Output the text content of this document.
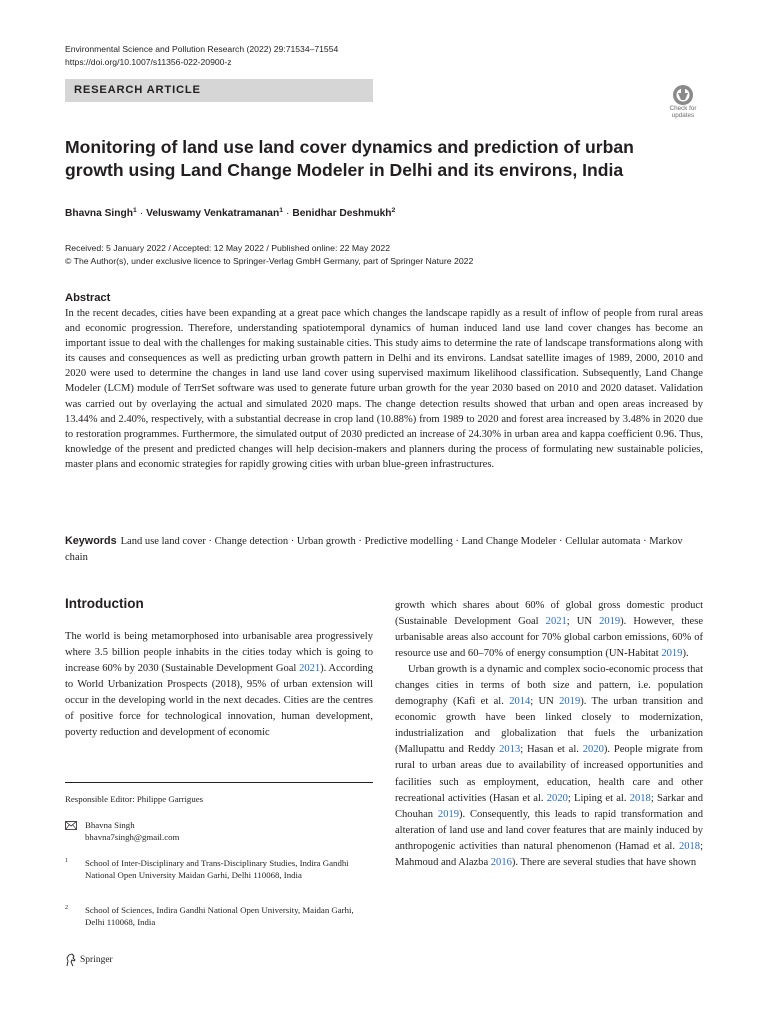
Environmental Science and Pollution Research (2022) 29:71534–71554
https://doi.org/10.1007/s11356-022-20900-z
RESEARCH ARTICLE
Check for
updates
Monitoring of land use land cover dynamics and prediction of urban growth using Land Change Modeler in Delhi and its environs, India
Bhavna Singh$^1$ · Veluswamy Venkatramanan$^1$ · Benidhar Deshmukh$^2$
Received: 5 January 2022 / Accepted: 12 May 2022 / Published online: 22 May 2022
© The Author(s), under exclusive licence to Springer-Verlag GmbH Germany, part of Springer Nature 2022
Abstract

In the recent decades, cities have been expanding at a great pace which changes the landscape rapidly as a result of inflow of people from rural areas and economic progression. Therefore, understanding spatiotemporal dynamics of human induced land use land cover changes has become an important issue to deal with the challenges for making sustainable cities. This study aims to determine the rate of landscape transformations along with its causes and consequences as well as predicting urban growth pattern in Delhi and its environs. Landsat satellite images of 1989, 2000, 2010 and 2020 were used to determine the changes in land use land cover using supervised maximum likelihood classification. Subsequently, Land Change Modeler (LCM) module of TerrSet software was used to generate future urban growth for the year 2030 based on 2010 and 2020 dataset. Validation was carried out by overlaying the actual and simulated 2020 maps. The change detection results showed that urban and open areas increased by 13.44% and 2.40%, respectively, with a substantial decrease in crop land (10.88%) from 1989 to 2020 and forest area increased by 3.48% in 2020 due to restoration programmes. Furthermore, the simulated output of 2030 predicted an increase of 24.30% in urban area and kappa coefficient 0.96. Thus, knowledge of the present and predicted changes will help decision-makers and planners during the process of formulating new sustainable policies, master plans and economic strategies for rapidly growing cities with urban blue-green infrastructures.

Keywords Land use land cover · Change detection · Urban growth · Predictive modelling · Land Change Modeler · Cellular automata · Markov chain
Introduction

The world is being metamorphosed into urbanisable area progressively where 3.5 billion people inhabits in the cities today which is going to increase 60% by 2030 (Sustainable Development Goal 2021). According to World Urbanization Prospects (2018), 95% of urban extension will occur in the developing world in the next decades. Cities are the centres of positive force for technological innovation, human development, poverty reduction and development of economic

growth which shares about 60% of global gross domestic product (Sustainable Development Goal 2021; UN 2019). However, these urbanisable areas also account for 70% global carbon emissions, 60% of resource use and 60–70% of energy consumption (UN-Habitat 2019).

Urban growth is a dynamic and complex socio-economic process that changes cities in terms of both size and pattern, i.e. population demography (Kafi et al. 2014; UN 2019). The urban transition and economic growth have been linked closely to modernization, industrialization and globalization that fuels the urbanization (Mallupattu and Reddy 2013; Hasan et al. 2020). People migrate from rural to urban areas due to availability of increased opportunities and facilities such as employment, education, health care and other recreational activities (Hasan et al. 2020; Liping et al. 2018; Sarkar and Chouhan 2019). Consequently, this leads to rapid transformation and alteration of land use and land cover features that are mainly induced by anthropogenic activities than natural phenomenon (Hamad et al. 2018; Mahmoud and Alazba 2016). There are several studies that have shown

Responsible Editor: Philippe Garrigues
Bhavna Singh
bhavna7singh@gmail.com
1 School of Inter-Disciplinary and Trans-Disciplinary Studies, Indira Gandhi National Open University Maidan Garhi, Delhi 110068, India
2 School of Sciences, Indira Gandhi National Open University, Maidan Garhi, Delhi 110068, India
Springer
